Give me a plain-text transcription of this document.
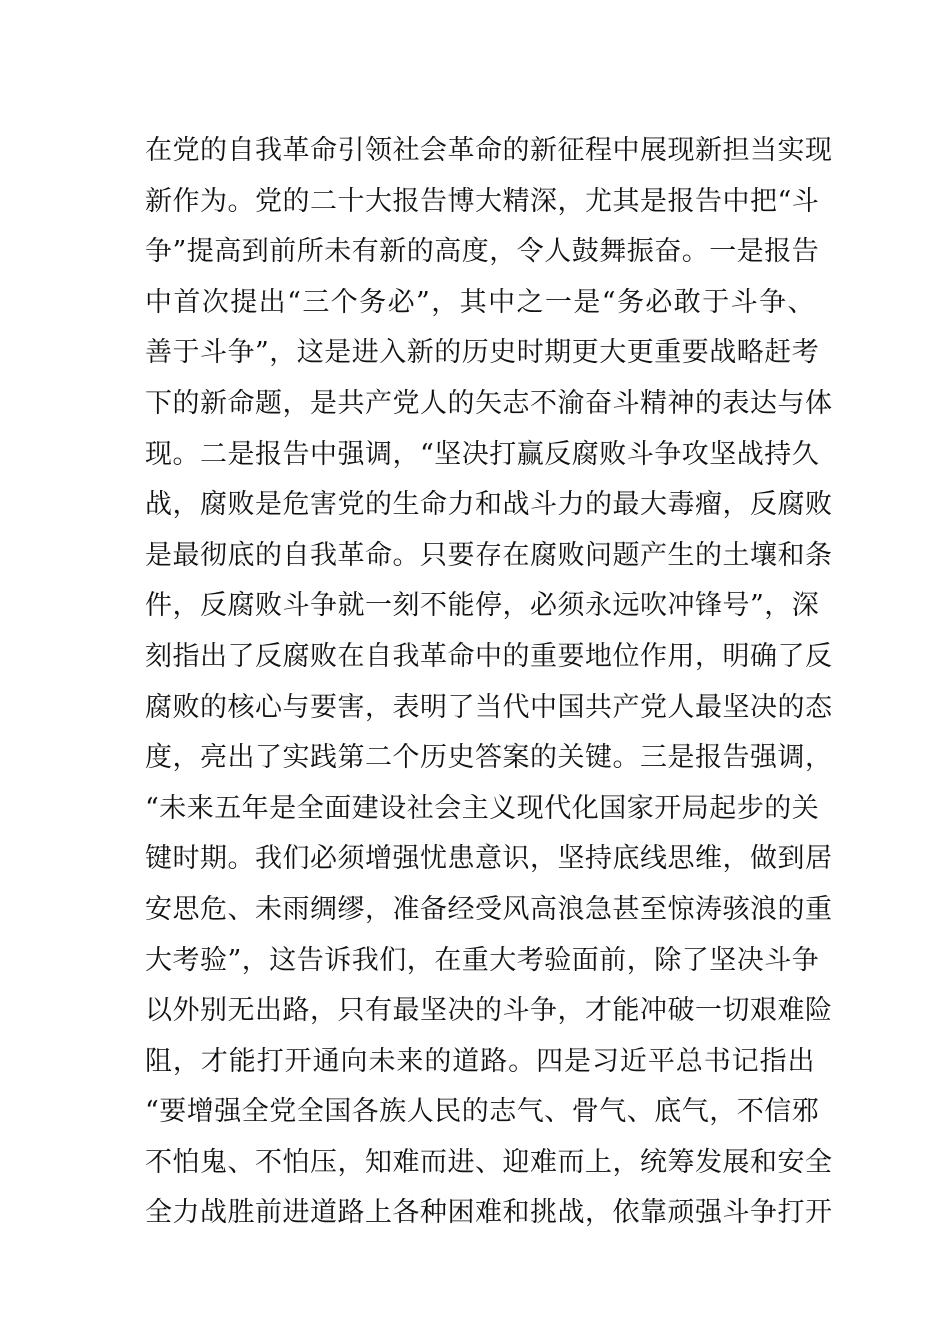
在党的自我革命引领社会革命的新征程中展现新担当实现
新作为。党的二十大报告博大精深，尤其是报告中把“斗
争”提高到前所未有新的高度，令人鼓舞振奋。一是报告
中首次提出“三个务必”，其中之一是“务必敢于斗争、
善于斗争”，这是进入新的历史时期更大更重要战略赶考
下的新命题，是共产党人的矢志不渝奋斗精神的表达与体
现。二是报告中强调，“坚决打赢反腐败斗争攻坚战持久
战，腐败是危害党的生命力和战斗力的最大毒瘤，反腐败
是最彻底的自我革命。只要存在腐败问题产生的土壤和条
件，反腐败斗争就一刻不能停，必须永远吹冲锋号”，深
刻指出了反腐败在自我革命中的重要地位作用，明确了反
腐败的核心与要害，表明了当代中国共产党人最坚决的态
度，亮出了实践第二个历史答案的关键。三是报告强调，
“未来五年是全面建设社会主义现代化国家开局起步的关
键时期。我们必须增强忧患意识，坚持底线思维，做到居
安思危、未雨绸缪，准备经受风高浪急甚至惊涛骇浪的重
大考验”，这告诉我们，在重大考验面前，除了坚决斗争
以外别无出路，只有最坚决的斗争，才能冲破一切艰难险
阻，才能打开通向未来的道路。四是习近平总书记指出
“要增强全党全国各族人民的志气、骨气、底气，不信邪
不怕鬼、不怕压，知难而进、迎难而上，统筹发展和安全
全力战胜前进道路上各种困难和挑战，依靠顽强斗争打开
